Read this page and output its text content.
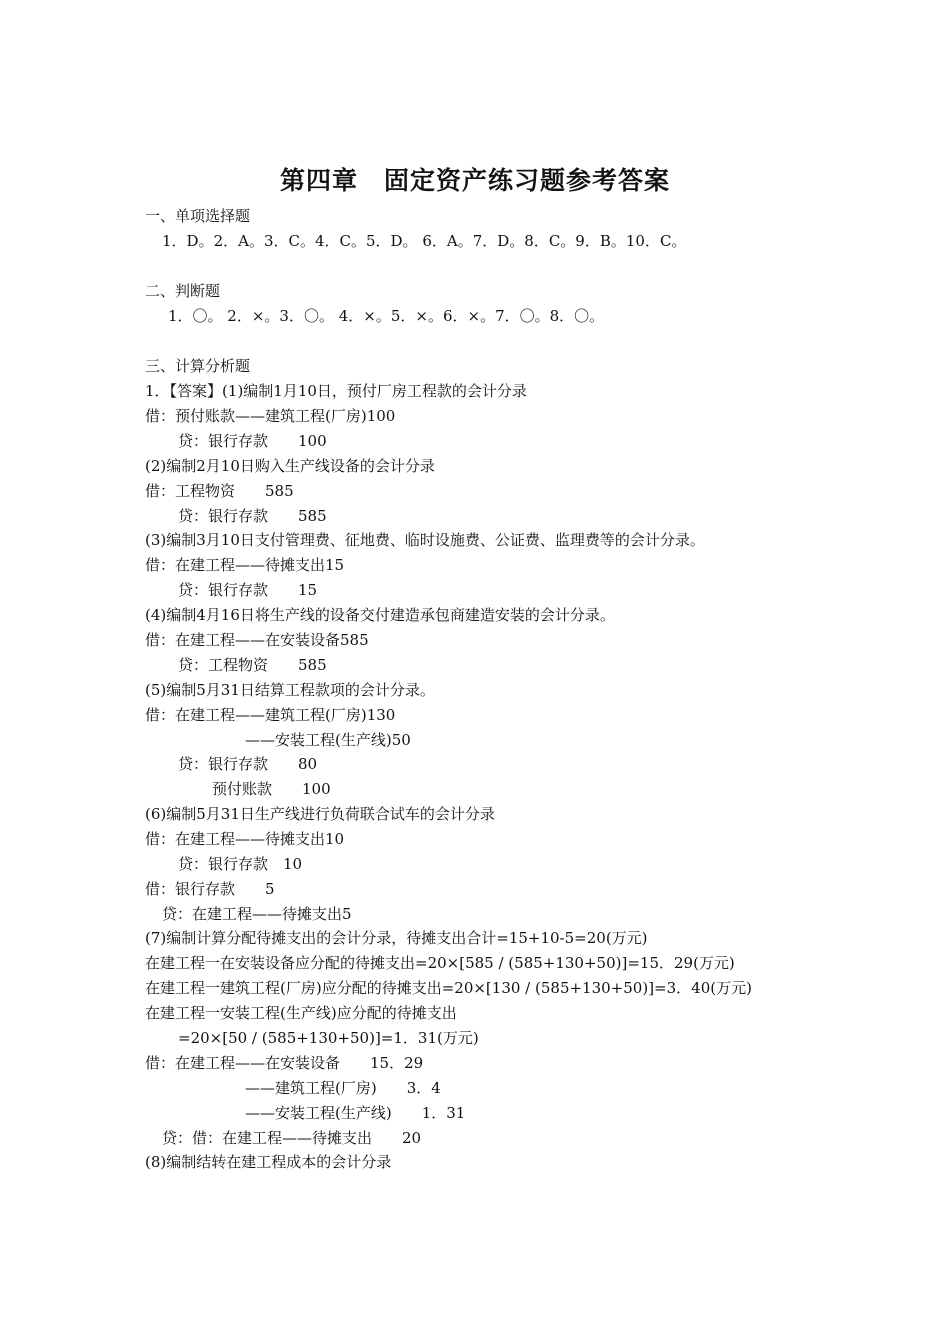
第四章　固定资产练习题参考答案
一、单项选择题
1．D。2．A。3．C。4．C。5．D。 6．A。7．D。8．C。9．B。10．C。
二、判断题
1．〇。 2．×。3．〇。 4．×。5．×。6．×。7．〇。8．〇。
三、计算分析题
1．【答案】(1)编制1月10日，预付厂房工程款的会计分录
借：预付账款——建筑工程(厂房)100
贷：银行存款　　100
(2)编制2月10日购入生产线设备的会计分录
借：工程物资　　585
贷：银行存款　　585
(3)编制3月10日支付管理费、征地费、临时设施费、公证费、监理费等的会计分录。
借：在建工程——待摊支出15
贷：银行存款　　15
(4)编制4月16日将生产线的设备交付建造承包商建造安装的会计分录。
借：在建工程——在安装设备585
贷：工程物资　　585
(5)编制5月31日结算工程款项的会计分录。
借：在建工程——建筑工程(厂房)130
——安装工程(生产线)50
贷：银行存款　　80
预付账款　　100
(6)编制5月31日生产线进行负荷联合试车的会计分录
借：在建工程——待摊支出10
贷：银行存款　10
借：银行存款　　5
贷：在建工程——待摊支出5
(7)编制计算分配待摊支出的会计分录，待摊支出合计=15+10-5=20(万元)
在建工程一在安装设备应分配的待摊支出=20×[585 / (585+130+50)]=15．29(万元)
在建工程一建筑工程(厂房)应分配的待摊支出=20×[130 / (585+130+50)]=3．40(万元)
在建工程一安装工程(生产线)应分配的待摊支出
=20×[50 / (585+130+50)]=1．31(万元)
借：在建工程——在安装设备　　15．29
——建筑工程(厂房)　　3．4
——安装工程(生产线)　　1．31
贷：借：在建工程——待摊支出　　20
(8)编制结转在建工程成本的会计分录
